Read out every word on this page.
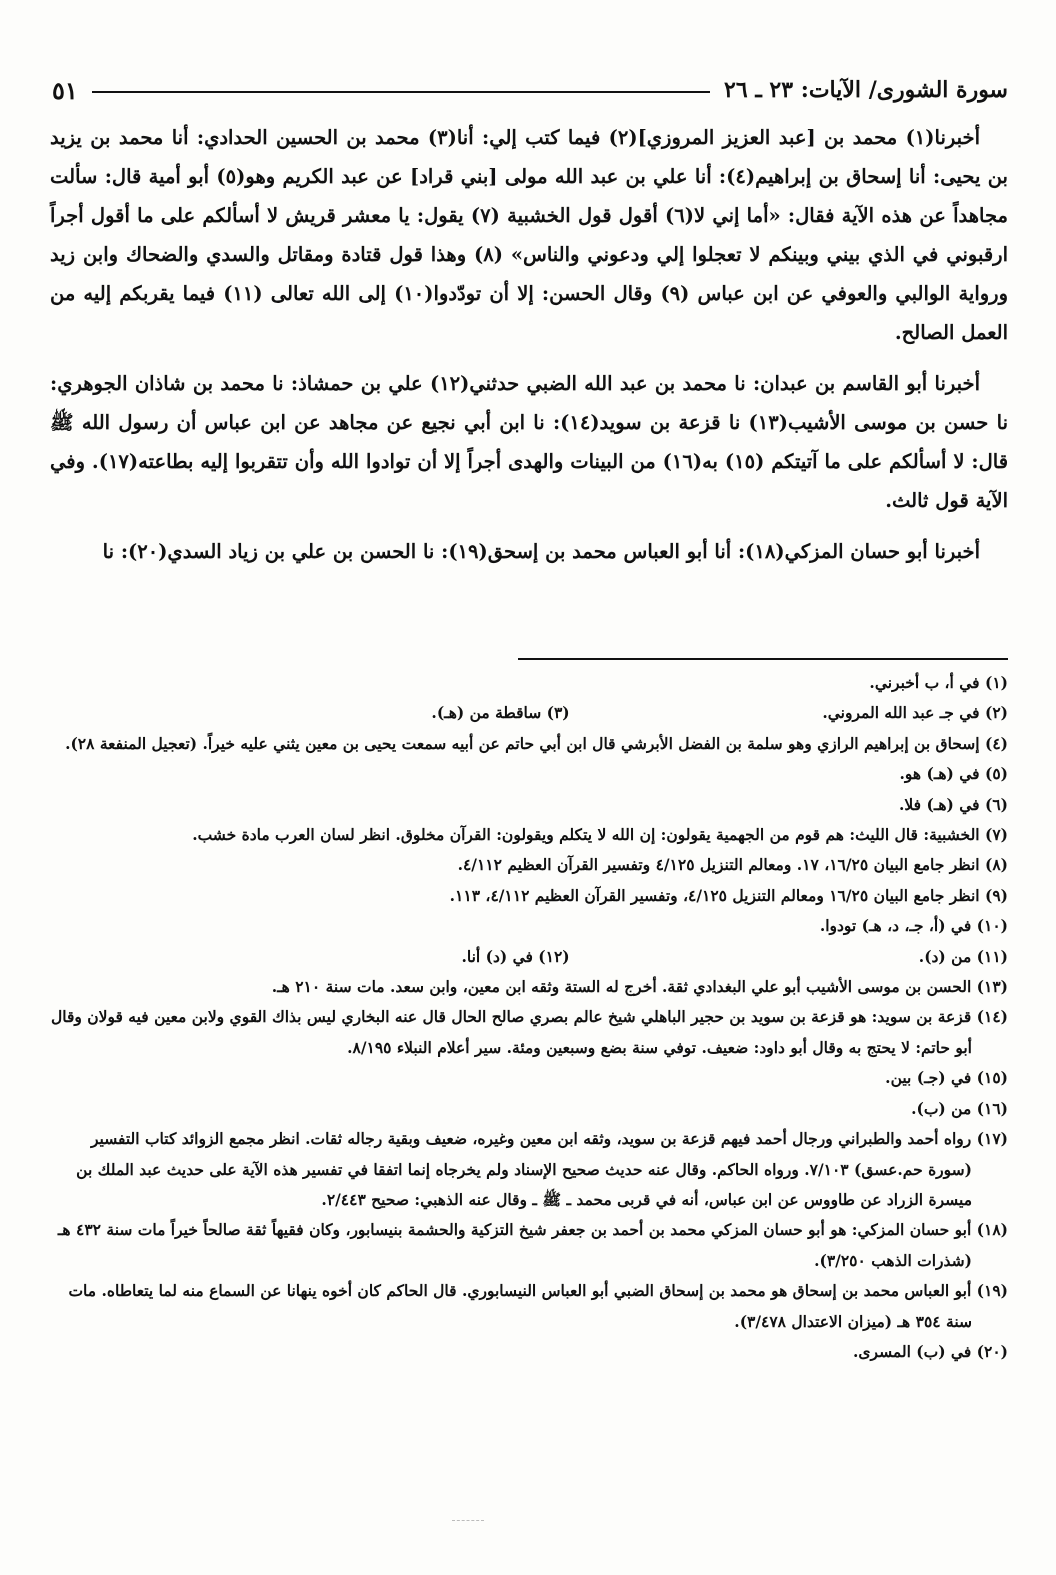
سورة الشورى/ الآيات: ٢٣ ـ ٢٦
٥١

أخبرنا(١) محمد بن [عبد العزيز المروزي](٢) فيما كتب إلي: أنا(٣) محمد بن الحسين الحدادي: أنا محمد بن يزيد بن يحيى: أنا إسحاق بن إبراهيم(٤): أنا علي بن عبد الله مولى [بني قراد] عن عبد الكريم وهو(٥) أبو أمية قال: سألت مجاهداً عن هذه الآية فقال: «أما إني لا(٦) أقول قول الخشبية (٧) يقول: يا معشر قريش لا أسألكم على ما أقول أجراً ارقبوني في الذي بيني وبينكم لا تعجلوا إلي ودعوني والناس» (٨) وهذا قول قتادة ومقاتل والسدي والضحاك وابن زيد ورواية الوالبي والعوفي عن ابن عباس (٩) وقال الحسن: إلا أن تودّدوا(١٠) إلى الله تعالى (١١) فيما يقربكم إليه من العمل الصالح.

أخبرنا أبو القاسم بن عبدان: نا محمد بن عبد الله الضبي حدثني(١٢) علي بن حمشاذ: نا محمد بن شاذان الجوهري: نا حسن بن موسى الأشيب(١٣) نا قزعة بن سويد(١٤): نا ابن أبي نجيع عن مجاهد عن ابن عباس أن رسول الله ﷺ قال: لا أسألكم على ما آتيتكم (١٥) به(١٦) من البينات والهدى أجراً إلا أن توادوا الله وأن تتقربوا إليه بطاعته(١٧). وفي الآية قول ثالث.

أخبرنا أبو حسان المزكي(١٨): أنا أبو العباس محمد بن إسحق(١٩): نا الحسن بن علي بن زياد السدي(٢٠): نا

(١) في أ، ب أخبرني.

(٢) في جـ عبد الله المروني.

(٣) ساقطة من (هـ).

(٤) إسحاق بن إبراهيم الرازي وهو سلمة بن الفضل الأبرشي قال ابن أبي حاتم عن أبيه سمعت يحيى بن معين يثني عليه خيراً. (تعجيل المنفعة ٢٨).

(٥) في (هـ) هو.

(٦) في (هـ) فلا.

(٧) الخشبية: قال الليث: هم قوم من الجهمية يقولون: إن الله لا يتكلم ويقولون: القرآن مخلوق. انظر لسان العرب مادة خشب.

(٨) انظر جامع البيان ١٦/٢٥، ١٧. ومعالم التنزيل ٤/١٢٥ وتفسير القرآن العظيم ٤/١١٢.

(٩) انظر جامع البيان ١٦/٢٥ ومعالم التنزيل ٤/١٢٥، وتفسير القرآن العظيم ٤/١١٢، ١١٣.

(١٠) في (أ، جـ، د، هـ) تودوا.

(١١) من (د).

(١٢) في (د) أنا.

(١٣) الحسن بن موسى الأشيب أبو علي البغدادي ثقة. أخرج له الستة وثقه ابن معين، وابن سعد. مات سنة ٢١٠ هـ.

(١٤) قزعة بن سويد: هو قزعة بن سويد بن حجير الباهلي شيخ عالم بصري صالح الحال قال عنه البخاري ليس بذاك القوي ولابن معين فيه قولان وقال أبو حاتم: لا يحتج به وقال أبو داود: ضعيف. توفي سنة بضع وسبعين ومئة. سير أعلام النبلاء ٨/١٩٥.

(١٥) في (جـ) بين.

(١٦) من (ب).

(١٧) رواه أحمد والطبراني ورجال أحمد فيهم قزعة بن سويد، وثقه ابن معين وغيره، ضعيف وبقية رجاله ثقات. انظر مجمع الزوائد كتاب التفسير (سورة حم.عسق) ٧/١٠٣. ورواه الحاكم. وقال عنه حديث صحيح الإسناد ولم يخرجاه إنما اتفقا في تفسير هذه الآية على حديث عبد الملك بن ميسرة الزراد عن طاووس عن ابن عباس، أنه في قربى محمد ـ ﷺ ـ وقال عنه الذهبي: صحيح ٢/٤٤٣.

(١٨) أبو حسان المزكي: هو أبو حسان المزكي محمد بن أحمد بن جعفر شيخ التزكية والحشمة بنيسابور، وكان فقيهاً ثقة صالحاً خيراً مات سنة ٤٣٢ هـ (شذرات الذهب ٣/٢٥٠).

(١٩) أبو العباس محمد بن إسحاق هو محمد بن إسحاق الضبي أبو العباس النيسابوري. قال الحاكم كان أخوه ينهانا عن السماع منه لما يتعاطاه. مات سنة ٣٥٤ هـ (ميزان الاعتدال ٣/٤٧٨).

(٢٠) في (ب) المسرى.
